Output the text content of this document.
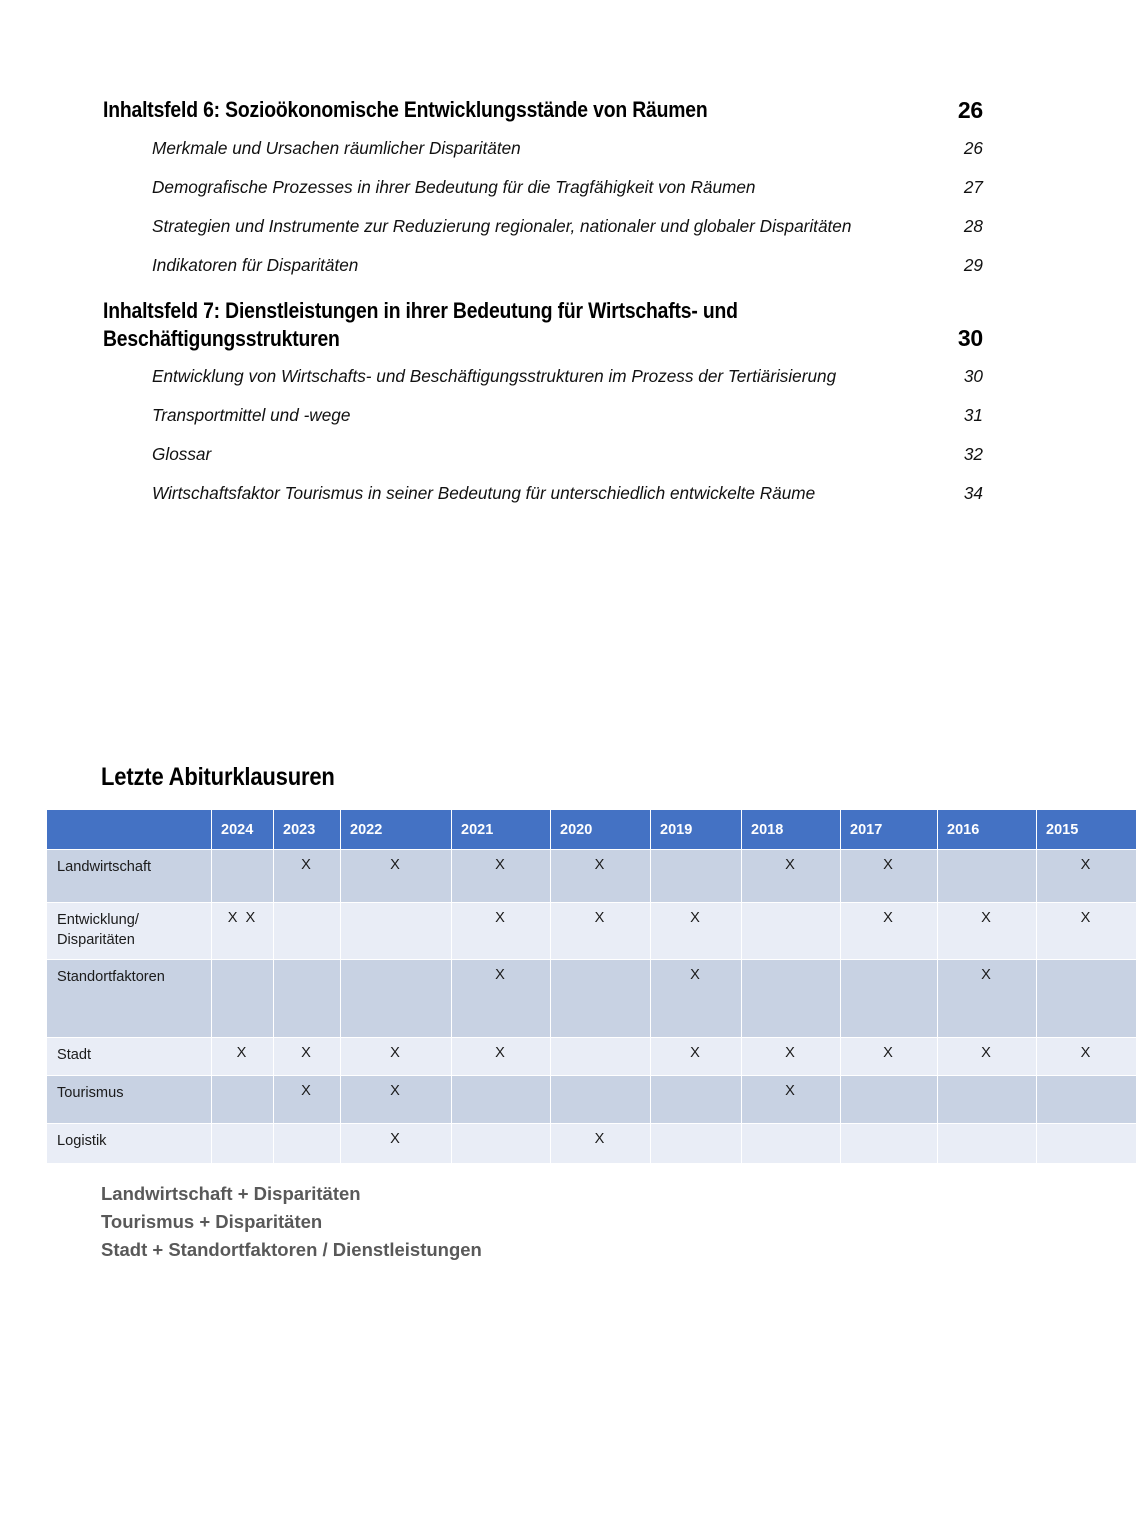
Inhaltsfeld 6: Sozioökonomische Entwicklungsstände von Räumen	26
Merkmale und Ursachen räumlicher Disparitäten	26
Demografische Prozesses in ihrer Bedeutung für die Tragfähigkeit von Räumen	27
Strategien und Instrumente zur Reduzierung regionaler, nationaler und globaler Disparitäten	28
Indikatoren für Disparitäten	29
Inhaltsfeld 7: Dienstleistungen in ihrer Bedeutung für Wirtschafts- und Beschäftigungsstrukturen	30
Entwicklung von Wirtschafts- und Beschäftigungsstrukturen im Prozess der Tertiärisierung	30
Transportmittel und -wege	31
Glossar	32
Wirtschaftsfaktor Tourismus in seiner Bedeutung für unterschiedlich entwickelte Räume	34
Letzte Abiturklausuren
	2024	2023	2022	2021	2020	2019	2018	2017	2016	2015
Landwirtschaft		X	X	X	X		X	X		X
Entwicklung/
Disparitäten	X X			X	X	X		X	X	X
Standortfaktoren				X		X			X	
Stadt	X	X	X	X		X	X	X	X	X
Tourismus		X	X				X			
Logistik			X		X					
Landwirtschaft + Disparitäten
Tourismus + Disparitäten
Stadt + Standortfaktoren / Dienstleistungen
